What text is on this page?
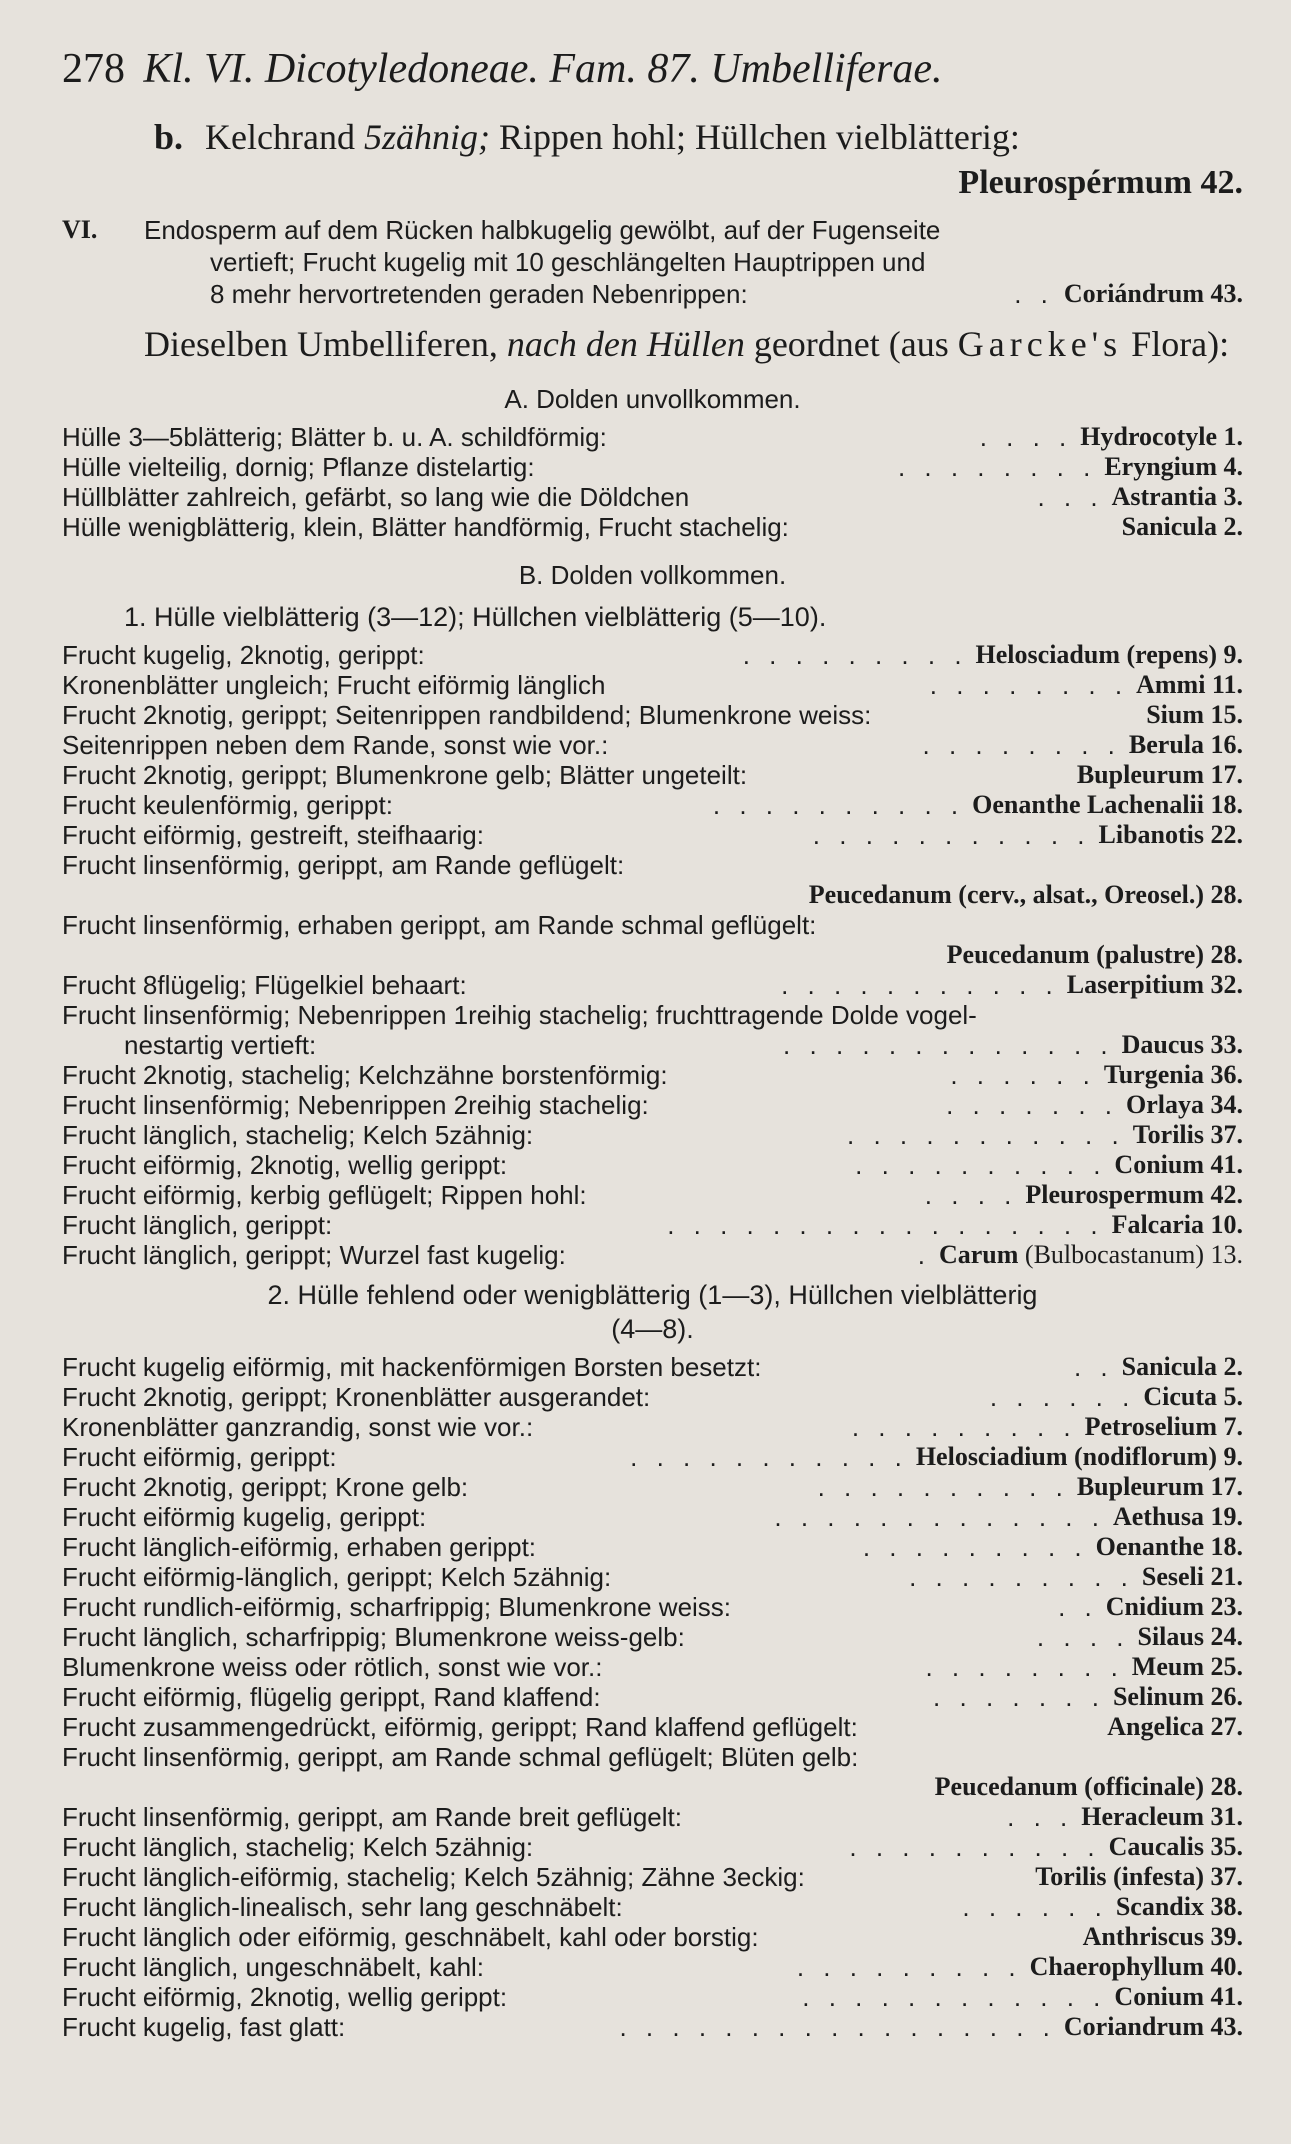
278 Kl. VI. Dicotyledoneae. Fam. 87. Umbelliferae.
b. Kelchrand 5zähnig; Rippen hohl; Hüllchen vielblätterig:
Pleurospérmum 42.
VI.	Endosperm auf dem Rücken halbkugelig gewölbt, auf der Fugenseite
vertieft; Frucht kugelig mit 10 geschlängelten Hauptrippen und
8 mehr hervortretenden geraden Nebenrippen:	. . Coriándrum 43.
Dieselben Umbelliferen, nach den Hüllen geordnet (aus Garcke's Flora):
A. Dolden unvollkommen.
Hülle 3—5blätterig; Blätter b. u. A. schildförmig:	. . . . Hydrocotyle 1.
Hülle vielteilig, dornig; Pflanze distelartig:	. . . . . . . . Eryngium 4.
Hüllblätter zahlreich, gefärbt, so lang wie die Döldchen	. . . Astrantia 3.
Hülle wenigblätterig, klein, Blätter handförmig, Frucht stachelig:	Sanicula 2.
B. Dolden vollkommen.
1. Hülle vielblätterig (3—12); Hüllchen vielblätterig (5—10).
Frucht kugelig, 2knotig, gerippt:	. . . . . . . . . Helosciadum (repens) 9.
Kronenblätter ungleich; Frucht eiförmig länglich	. . . . . . . . Ammi 11.
Frucht 2knotig, gerippt; Seitenrippen randbildend; Blumenkrone weiss:	Sium 15.
Seitenrippen neben dem Rande, sonst wie vor.:	. . . . . . . . Berula 16.
Frucht 2knotig, gerippt; Blumenkrone gelb; Blätter ungeteilt:	Bupleurum 17.
Frucht keulenförmig, gerippt:	. . . . . . . . . . Oenanthe Lachenalii 18.
Frucht eiförmig, gestreift, steifhaarig:	. . . . . . . . . . . Libanotis 22.
Frucht linsenförmig, gerippt, am Rande geflügelt:
Peucedanum (cerv., alsat., Oreosel.) 28.
Frucht linsenförmig, erhaben gerippt, am Rande schmal geflügelt:
Peucedanum (palustre) 28.
Frucht 8flügelig; Flügelkiel behaart:	. . . . . . . . . . . Laserpitium 32.
Frucht linsenförmig; Nebenrippen 1reihig stachelig; fruchttragende Dolde vogel-
nestartig vertieft:	. . . . . . . . . . . . . Daucus 33.
Frucht 2knotig, stachelig; Kelchzähne borstenförmig:	. . . . . . Turgenia 36.
Frucht linsenförmig; Nebenrippen 2reihig stachelig:	. . . . . . . Orlaya 34.
Frucht länglich, stachelig; Kelch 5zähnig:	. . . . . . . . . . . Torilis 37.
Frucht eiförmig, 2knotig, wellig gerippt:	. . . . . . . . . . Conium 41.
Frucht eiförmig, kerbig geflügelt; Rippen hohl:	. . . . Pleurospermum 42.
Frucht länglich, gerippt:	. . . . . . . . . . . . . . . . . Falcaria 10.
Frucht länglich, gerippt; Wurzel fast kugelig:	. Carum (Bulbocastanum) 13.
2. Hülle fehlend oder wenigblätterig (1—3), Hüllchen vielblätterig
(4—8).
Frucht kugelig eiförmig, mit hackenförmigen Borsten besetzt:	. . Sanicula 2.
Frucht 2knotig, gerippt; Kronenblätter ausgerandet:	. . . . . . Cicuta 5.
Kronenblätter ganzrandig, sonst wie vor.:	. . . . . . . . . Petroselium 7.
Frucht eiförmig, gerippt:	. . . . . . . . . . . Helosciadium (nodiflorum) 9.
Frucht 2knotig, gerippt; Krone gelb:	. . . . . . . . . . Bupleurum 17.
Frucht eiförmig kugelig, gerippt:	. . . . . . . . . . . . . Aethusa 19.
Frucht länglich-eiförmig, erhaben gerippt:	. . . . . . . . . Oenanthe 18.
Frucht eiförmig-länglich, gerippt; Kelch 5zähnig:	. . . . . . . . . Seseli 21.
Frucht rundlich-eiförmig, scharfrippig; Blumenkrone weiss:	. . Cnidium 23.
Frucht länglich, scharfrippig; Blumenkrone weiss-gelb:	. . . . Silaus 24.
Blumenkrone weiss oder rötlich, sonst wie vor.:	. . . . . . . . Meum 25.
Frucht eiförmig, flügelig gerippt, Rand klaffend:	. . . . . . . Selinum 26.
Frucht zusammengedrückt, eiförmig, gerippt; Rand klaffend geflügelt:	Angelica 27.
Frucht linsenförmig, gerippt, am Rande schmal geflügelt; Blüten gelb:
Peucedanum (officinale) 28.
Frucht linsenförmig, gerippt, am Rande breit geflügelt:	. . . Heracleum 31.
Frucht länglich, stachelig; Kelch 5zähnig:	. . . . . . . . . . Caucalis 35.
Frucht länglich-eiförmig, stachelig; Kelch 5zähnig; Zähne 3eckig:	Torilis (infesta) 37.
Frucht länglich-linealisch, sehr lang geschnäbelt:	. . . . . . Scandix 38.
Frucht länglich oder eiförmig, geschnäbelt, kahl oder borstig:	Anthriscus 39.
Frucht länglich, ungeschnäbelt, kahl:	. . . . . . . . . Chaerophyllum 40.
Frucht eiförmig, 2knotig, wellig gerippt:	. . . . . . . . . . . . Conium 41.
Frucht kugelig, fast glatt:	. . . . . . . . . . . . . . . . . Coriandrum 43.
